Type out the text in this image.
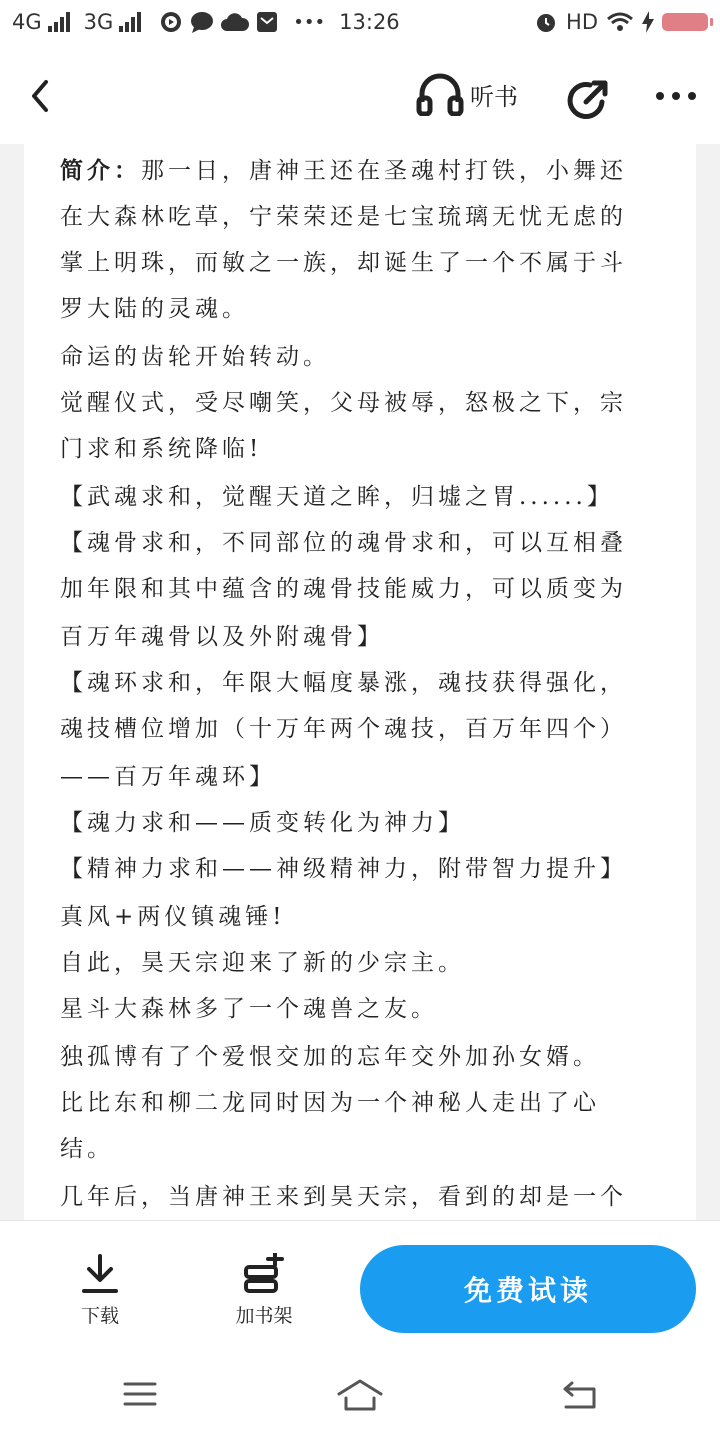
4G 3G	••• 13:26	HD
听书
简介：那一日，唐神王还在圣魂村打铁，小舞还
在大森林吃草，宁荣荣还是七宝琉璃无忧无虑的
掌上明珠，而敏之一族，却诞生了一个不属于斗
罗大陆的灵魂。
命运的齿轮开始转动。
觉醒仪式，受尽嘲笑，父母被辱，怒极之下，宗
门求和系统降临!
【武魂求和，觉醒天道之眸，归墟之胃......】
【魂骨求和，不同部位的魂骨求和，可以互相叠
加年限和其中蕴含的魂骨技能威力，可以质变为
百万年魂骨以及外附魂骨】
【魂环求和，年限大幅度暴涨，魂技获得强化，
魂技槽位增加（十万年两个魂技，百万年四个）
——百万年魂环】
【魂力求和——质变转化为神力】
【精神力求和——神级精神力，附带智力提升】
真风+两仪镇魂锤!
自此，昊天宗迎来了新的少宗主。
星斗大森林多了一个魂兽之友。
独孤博有了个爱恨交加的忘年交外加孙女婿。
比比东和柳二龙同时因为一个神秘人走出了心
结。
几年后，当唐神王来到昊天宗，看到的却是一个
下载	加书架
免费试读
